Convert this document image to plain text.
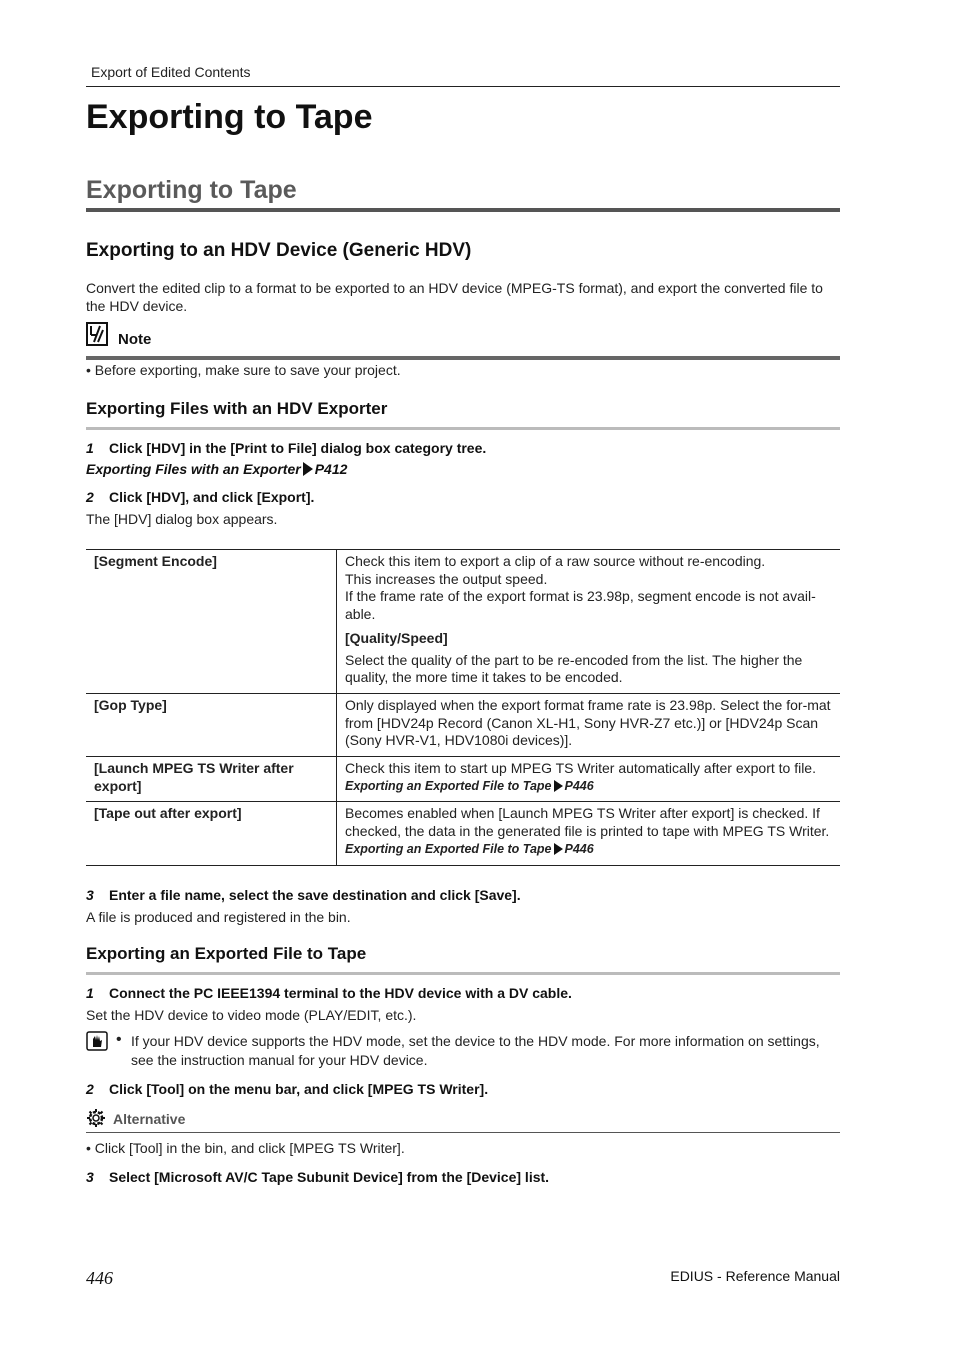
Export of Edited Contents
Exporting to Tape
Exporting to Tape
Exporting to an HDV Device (Generic HDV)
Convert the edited clip to a format to be exported to an HDV device (MPEG-TS format), and export the converted file to the HDV device.
Note
• Before exporting, make sure to save your project.
Exporting Files with an HDV Exporter
1 Click [HDV] in the [Print to File] dialog box category tree.
Exporting Files with an Exporter P412
2 Click [HDV], and click [Export].
The [HDV] dialog box appears.
[Segment Encode]	Check this item to export a clip of a raw source without re-encoding.
This increases the output speed.
If the frame rate of the export format is 23.98p, segment encode is not avail-able.
[Quality/Speed]
Select the quality of the part to be re-encoded from the list. The higher the quality, the more time it takes to be encoded.

[Gop Type]	Only displayed when the export format frame rate is 23.98p. Select the for-mat from [HDV24p Record (Canon XL-H1, Sony HVR-Z7 etc.)] or [HDV24p Scan (Sony HVR-V1, HDV1080i devices)].
[Launch MPEG TS Writer after export]	Check this item to start up MPEG TS Writer automatically after export to file.
Exporting an Exported File to Tape P446

[Tape out after export]	Becomes enabled when [Launch MPEG TS Writer after export] is checked. If checked, the data in the generated file is printed to tape with MPEG TS Writer.
Exporting an Exported File to Tape P446
3 Enter a file name, select the save destination and click [Save].
A file is produced and registered in the bin.
Exporting an Exported File to Tape
1 Connect the PC IEEE1394 terminal to the HDV device with a DV cable.
Set the HDV device to video mode (PLAY/EDIT, etc.).
• If your HDV device supports the HDV mode, set the device to the HDV mode. For more information on settings, see the instruction manual for your HDV device.
2 Click [Tool] on the menu bar, and click [MPEG TS Writer].
Alternative
• Click [Tool] in the bin, and click [MPEG TS Writer].
3 Select [Microsoft AV/C Tape Subunit Device] from the [Device] list.
446	EDIUS - Reference Manual
